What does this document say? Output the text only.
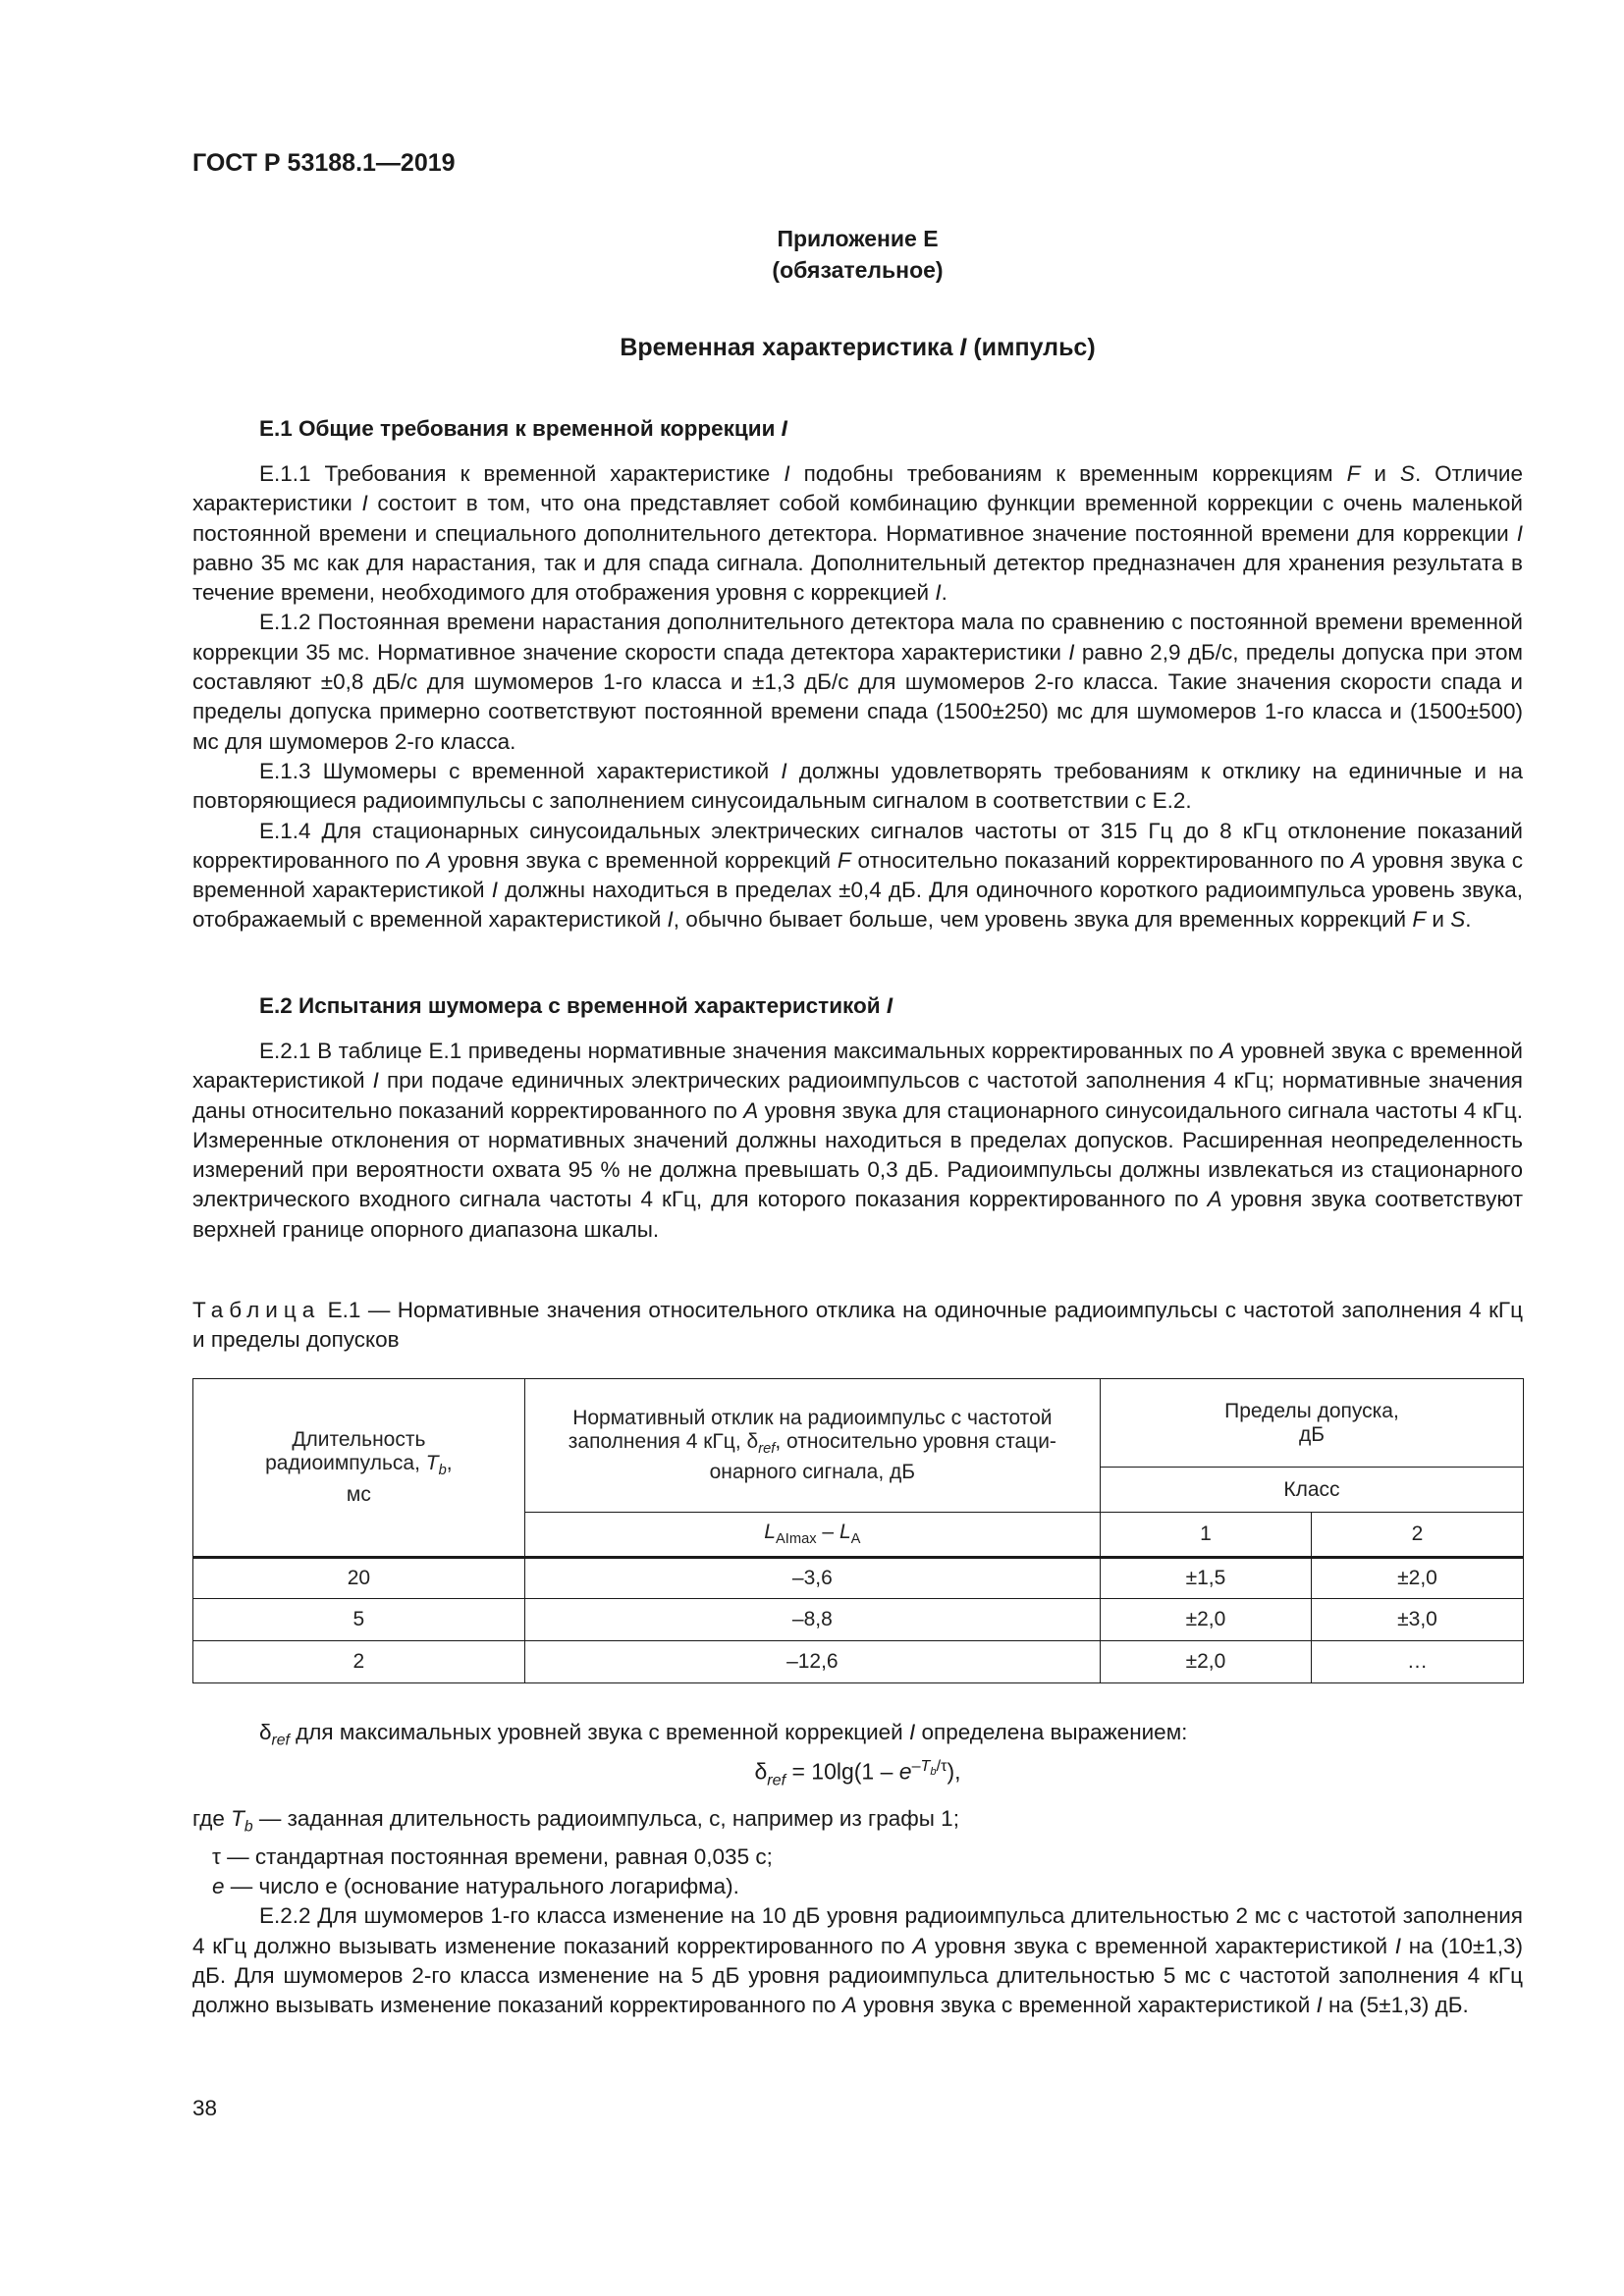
ГОСТ Р 53188.1—2019
Приложение Е
(обязательное)
Временная характеристика I (импульс)
Е.1 Общие требования к временной коррекции I

Е.1.1 Требования к временной характеристике I подобны требованиям к временным коррекциям F и S. Отличие характеристики I состоит в том, что она представляет собой комбинацию функции временной коррекции с очень маленькой постоянной времени и специального дополнительного детектора. Нормативное значение постоянной времени для коррекции I равно 35 мс как для нарастания, так и для спада сигнала. Дополнительный детектор предназначен для хранения результата в течение времени, необходимого для отображения уровня с коррекцией I.

Е.1.2 Постоянная времени нарастания дополнительного детектора мала по сравнению с постоянной времени временной коррекции 35 мс. Нормативное значение скорости спада детектора характеристики I равно 2,9 дБ/с, пределы допуска при этом составляют ±0,8 дБ/с для шумомеров 1-го класса и ±1,3 дБ/с для шумомеров 2-го класса. Такие значения скорости спада и пределы допуска примерно соответствуют постоянной времени спада (1500±250) мс для шумомеров 1-го класса и (1500±500) мс для шумомеров 2-го класса.

Е.1.3 Шумомеры с временной характеристикой I должны удовлетворять требованиям к отклику на единичные и на повторяющиеся радиоимпульсы с заполнением синусоидальным сигналом в соответствии с Е.2.

Е.1.4 Для стационарных синусоидальных электрических сигналов частоты от 315 Гц до 8 кГц отклонение показаний корректированного по A уровня звука с временной коррекций F относительно показаний корректированного по A уровня звука с временной характеристикой I должны находиться в пределах ±0,4 дБ. Для одиночного короткого радиоимпульса уровень звука, отображаемый с временной характеристикой I, обычно бывает больше, чем уровень звука для временных коррекций F и S.

Е.2 Испытания шумомера с временной характеристикой I

Е.2.1 В таблице Е.1 приведены нормативные значения максимальных корректированных по A уровней звука с временной характеристикой I при подаче единичных электрических радиоимпульсов с частотой заполнения 4 кГц; нормативные значения даны относительно показаний корректированного по A уровня звука для стационарного синусоидального сигнала частоты 4 кГц. Измеренные отклонения от нормативных значений должны находиться в пределах допусков. Расширенная неопределенность измерений при вероятности охвата 95 % не должна превышать 0,3 дБ. Радиоимпульсы должны извлекаться из стационарного электрического входного сигнала частоты 4 кГц, для которого показания корректированного по A уровня звука соответствуют верхней границе опорного диапазона шкалы.

Таблица Е.1 — Нормативные значения относительного отклика на одиночные радиоимпульсы с частотой заполнения 4 кГц и пределы допусков
Длительность
радиоимпульса, $T_b$,
мс	Нормативный отклик на радиоимпульс с частотой
заполнения 4 кГц, $\delta_{ref}$, относительно уровня стаци-
онарного сигнала, дБ	Пределы допуска,
дБ	
		Класс	
	$L_{AImax} - L_A$	1	2
20	–3,6	±1,5	±2,0
5	–8,8	±2,0	±3,0
2	–12,6	±2,0	…

$\delta_{ref}$ для максимальных уровней звука с временной коррекцией I определена выражением:

$\delta_{ref} = 10\lg(1 - e^{-T_b/\tau})$,

где $T_b$ — заданная длительность радиоимпульса, с, например из графы 1;

τ — стандартная постоянная времени, равная 0,035 с;

e — число е (основание натурального логарифма).

Е.2.2 Для шумомеров 1-го класса изменение на 10 дБ уровня радиоимпульса длительностью 2 мс с частотой заполнения 4 кГц должно вызывать изменение показаний корректированного по A уровня звука с временной характеристикой I на (10±1,3) дБ. Для шумомеров 2-го класса изменение на 5 дБ уровня радиоимпульса длительностью 5 мс с частотой заполнения 4 кГц должно вызывать изменение показаний корректированного по A уровня звука с временной характеристикой I на (5±1,3) дБ.

38
